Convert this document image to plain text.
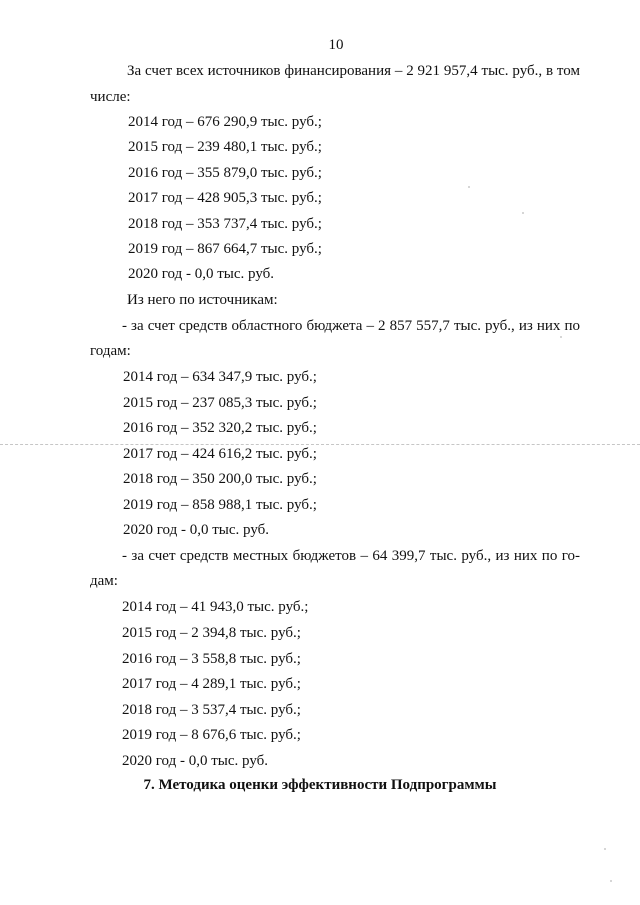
10
За счет всех источников финансирования – 2 921 957,4 тыс. руб., в том
числе:
2014 год – 676 290,9 тыс. руб.;
2015 год – 239 480,1 тыс. руб.;
2016 год – 355 879,0 тыс. руб.;
2017 год – 428 905,3 тыс. руб.;
2018 год – 353 737,4 тыс. руб.;
2019 год – 867 664,7 тыс. руб.;
2020 год - 0,0 тыс. руб.
Из него по источникам:
- за счет средств областного бюджета – 2 857 557,7 тыс. руб., из них по
годам:
2014 год – 634 347,9 тыс. руб.;
2015 год – 237 085,3 тыс. руб.;
2016 год – 352 320,2 тыс. руб.;
2017 год – 424 616,2 тыс. руб.;
2018 год – 350 200,0 тыс. руб.;
2019 год – 858 988,1 тыс. руб.;
2020 год - 0,0 тыс. руб.
- за счет средств местных бюджетов – 64 399,7 тыс. руб., из них по го-
дам:
2014 год – 41 943,0 тыс. руб.;
2015 год – 2 394,8 тыс. руб.;
2016 год – 3 558,8 тыс. руб.;
2017 год – 4 289,1 тыс. руб.;
2018 год – 3 537,4 тыс. руб.;
2019 год – 8 676,6 тыс. руб.;
2020 год - 0,0 тыс. руб.
7. Методика оценки эффективности Подпрограммы
